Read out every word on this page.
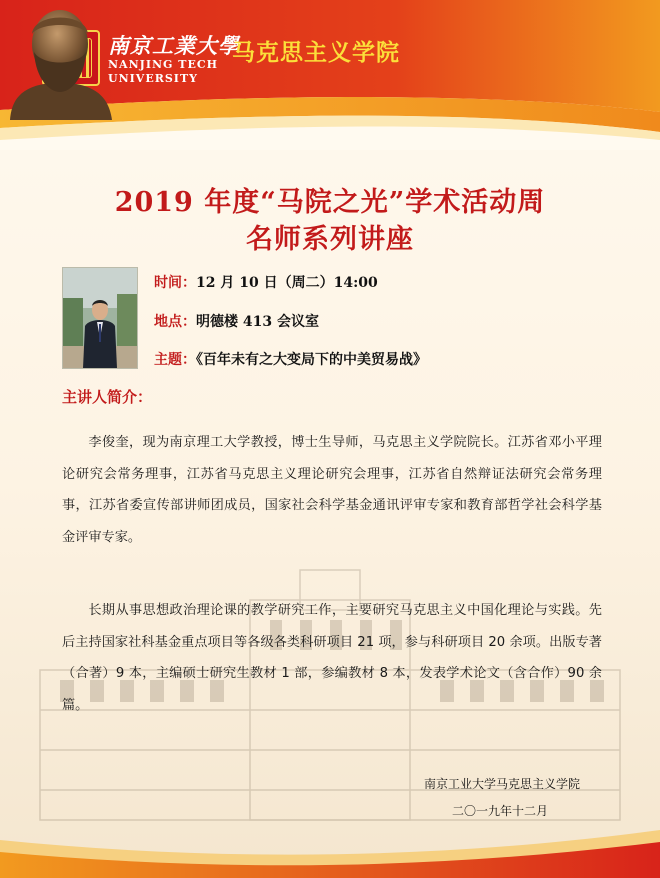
南京工業大學
NANJING TECH
UNIVERSITY
马克思主义学院
2019 年度“马院之光”学术活动周
名师系列讲座
时间：12 月 10 日（周二）14:00
地点：明德楼 413 会议室
主题：《百年未有之大变局下的中美贸易战》
主讲人简介：
李俊奎，现为南京理工大学教授，博士生导师，马克思主义学院院长。江苏省邓小平理论研究会常务理事，江苏省马克思主义理论研究会理事，江苏省自然辩证法研究会常务理事，江苏省委宣传部讲师团成员，国家社会科学基金通讯评审专家和教育部哲学社会科学基金评审专家。
长期从事思想政治理论课的教学研究工作，主要研究马克思主义中国化理论与实践。先后主持国家社科基金重点项目等各级各类科研项目 21 项，参与科研项目 20 余项。出版专著（合著）9 本，主编硕士研究生教材 1 部，参编教材 8 本，发表学术论文（含合作）90 余篇。
南京工业大学马克思主义学院
二〇一九年十二月
